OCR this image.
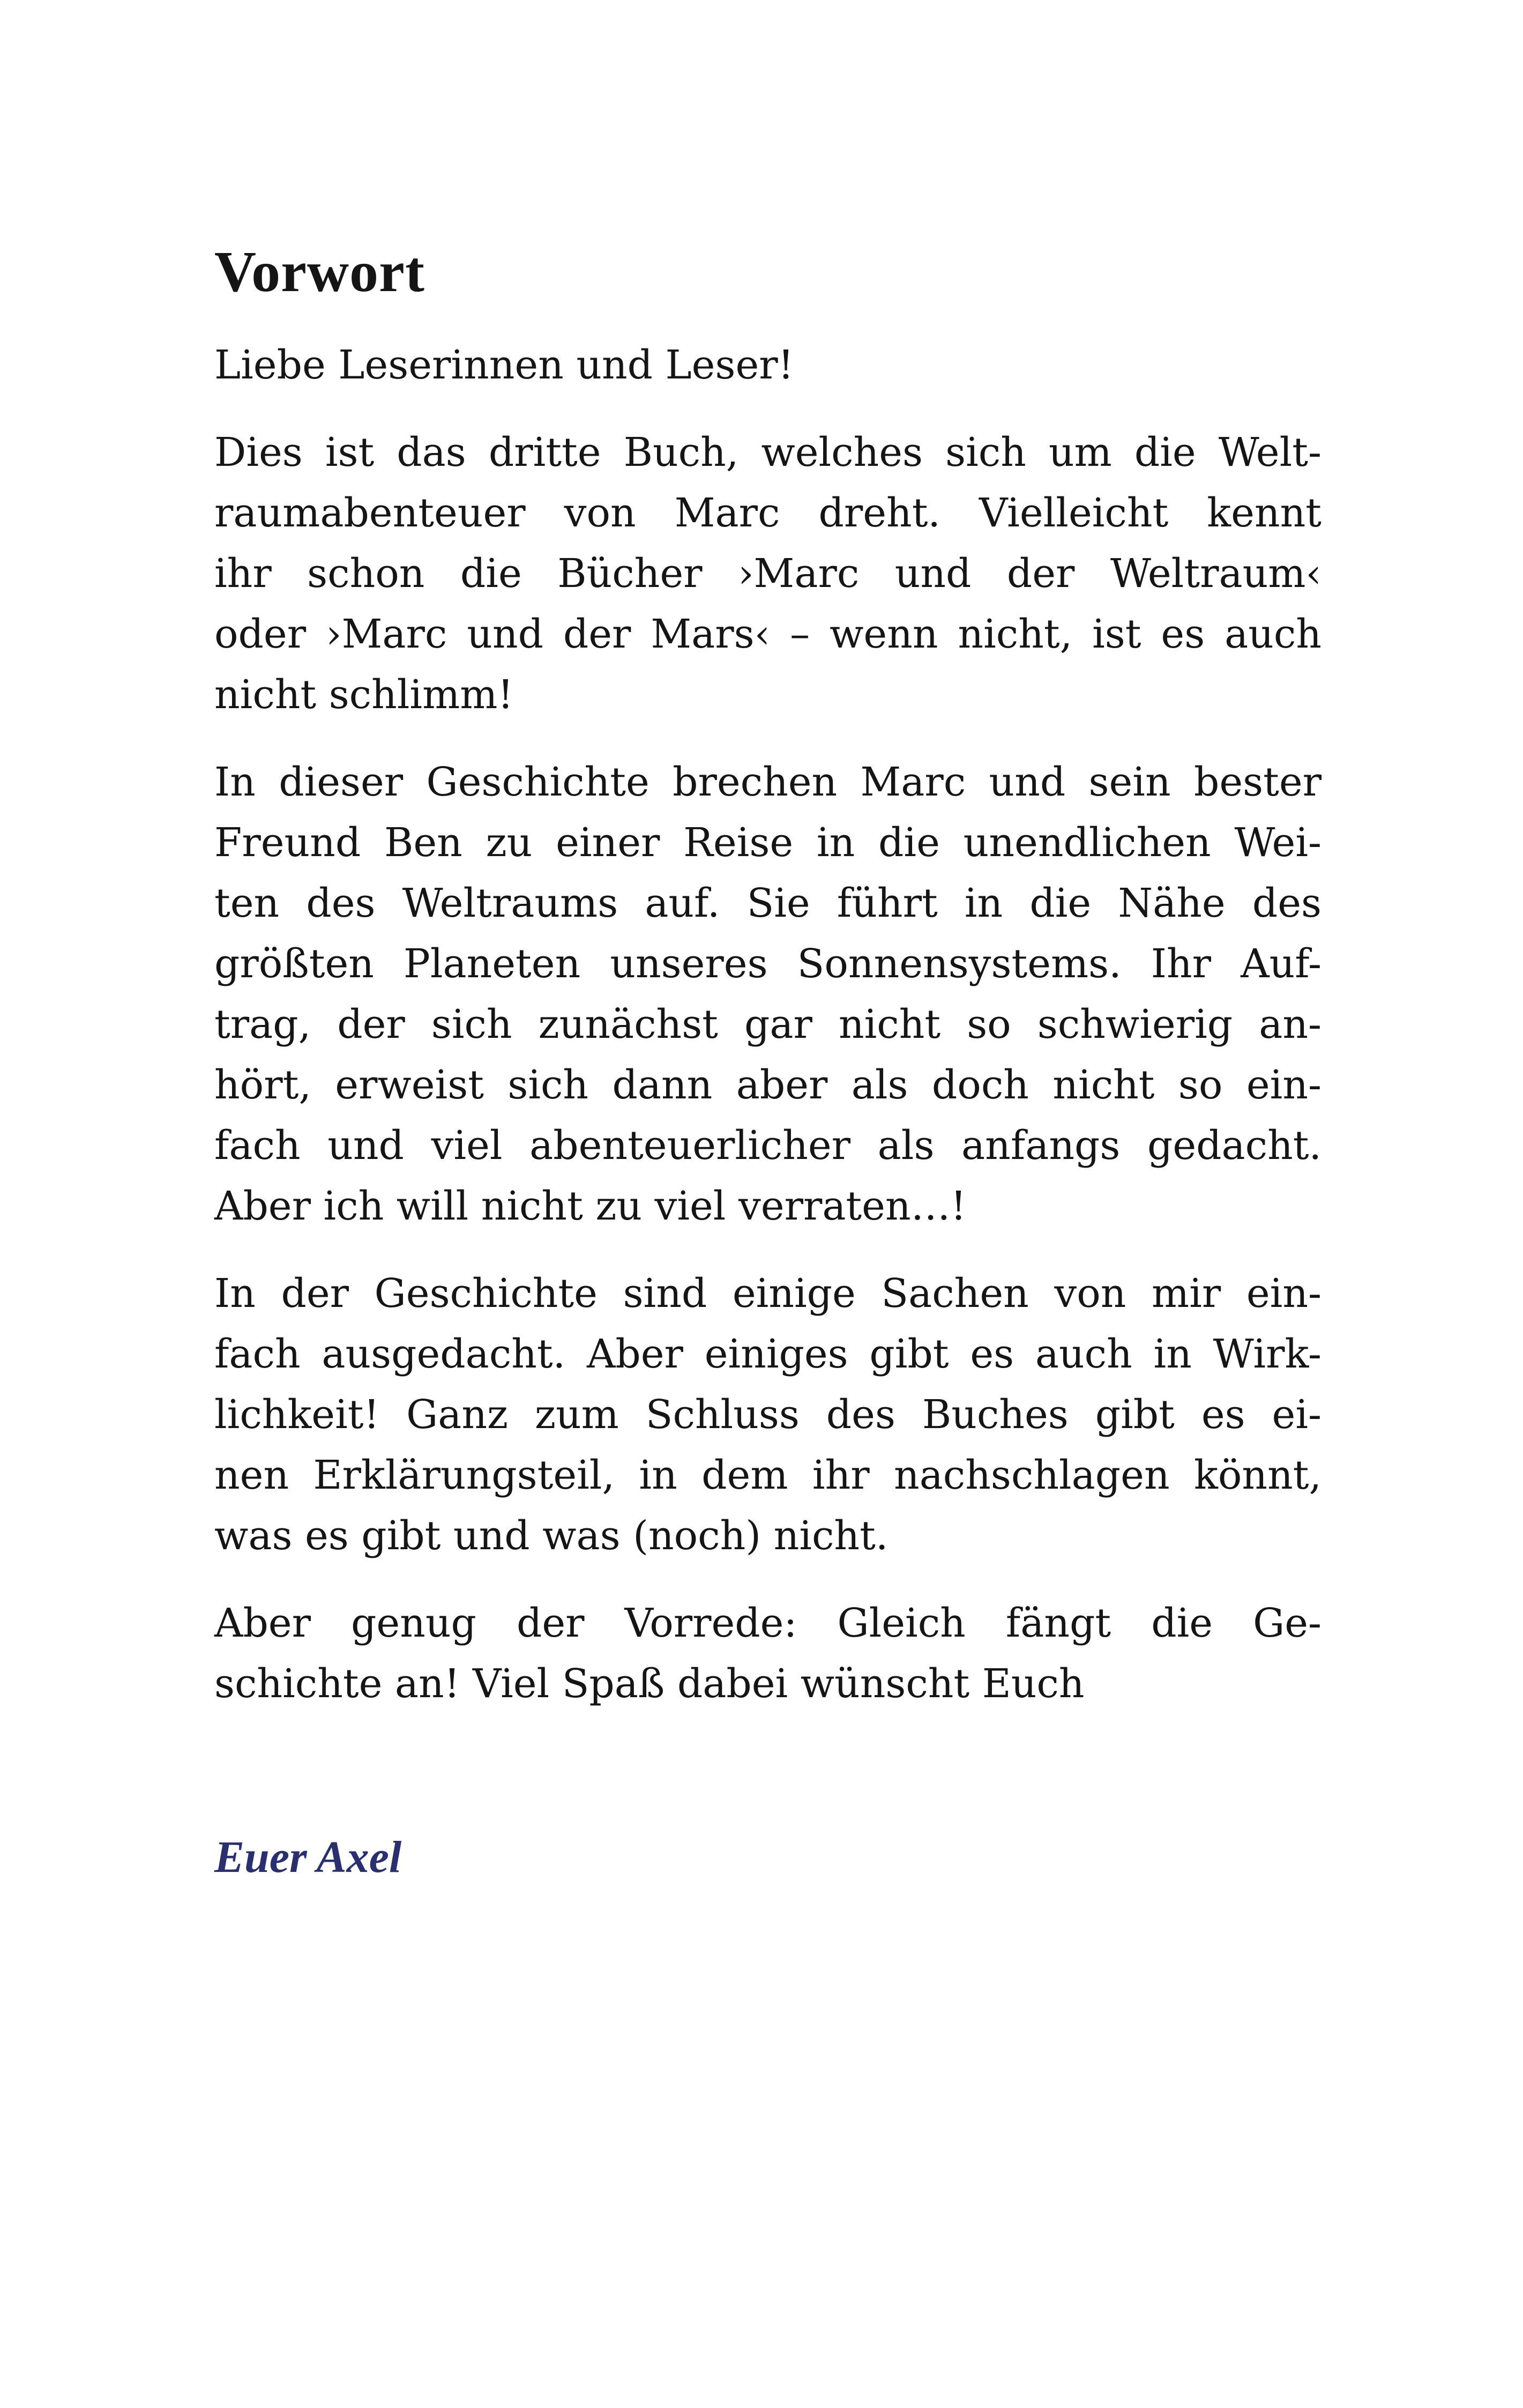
Vorwort

Liebe Leserinnen und Leser!

Dies ist das dritte Buch, welches sich um die Welt-
raumabenteuer von Marc dreht. Vielleicht kennt
ihr schon die Bücher ›Marc und der Weltraum‹
oder ›Marc und der Mars‹ – wenn nicht, ist es auch
nicht schlimm!

In dieser Geschichte brechen Marc und sein bester
Freund Ben zu einer Reise in die unendlichen Wei-
ten des Weltraums auf. Sie führt in die Nähe des
größten Planeten unseres Sonnensystems. Ihr Auf-
trag, der sich zunächst gar nicht so schwierig an-
hört, erweist sich dann aber als doch nicht so ein-
fach und viel abenteuerlicher als anfangs gedacht.
Aber ich will nicht zu viel verraten…!

In der Geschichte sind einige Sachen von mir ein-
fach ausgedacht. Aber einiges gibt es auch in Wirk-
lichkeit! Ganz zum Schluss des Buches gibt es ei-
nen Erklärungsteil, in dem ihr nachschlagen könnt,
was es gibt und was (noch) nicht.

Aber genug der Vorrede: Gleich fängt die Ge-
schichte an! Viel Spaß dabei wünscht Euch

Euer Axel
